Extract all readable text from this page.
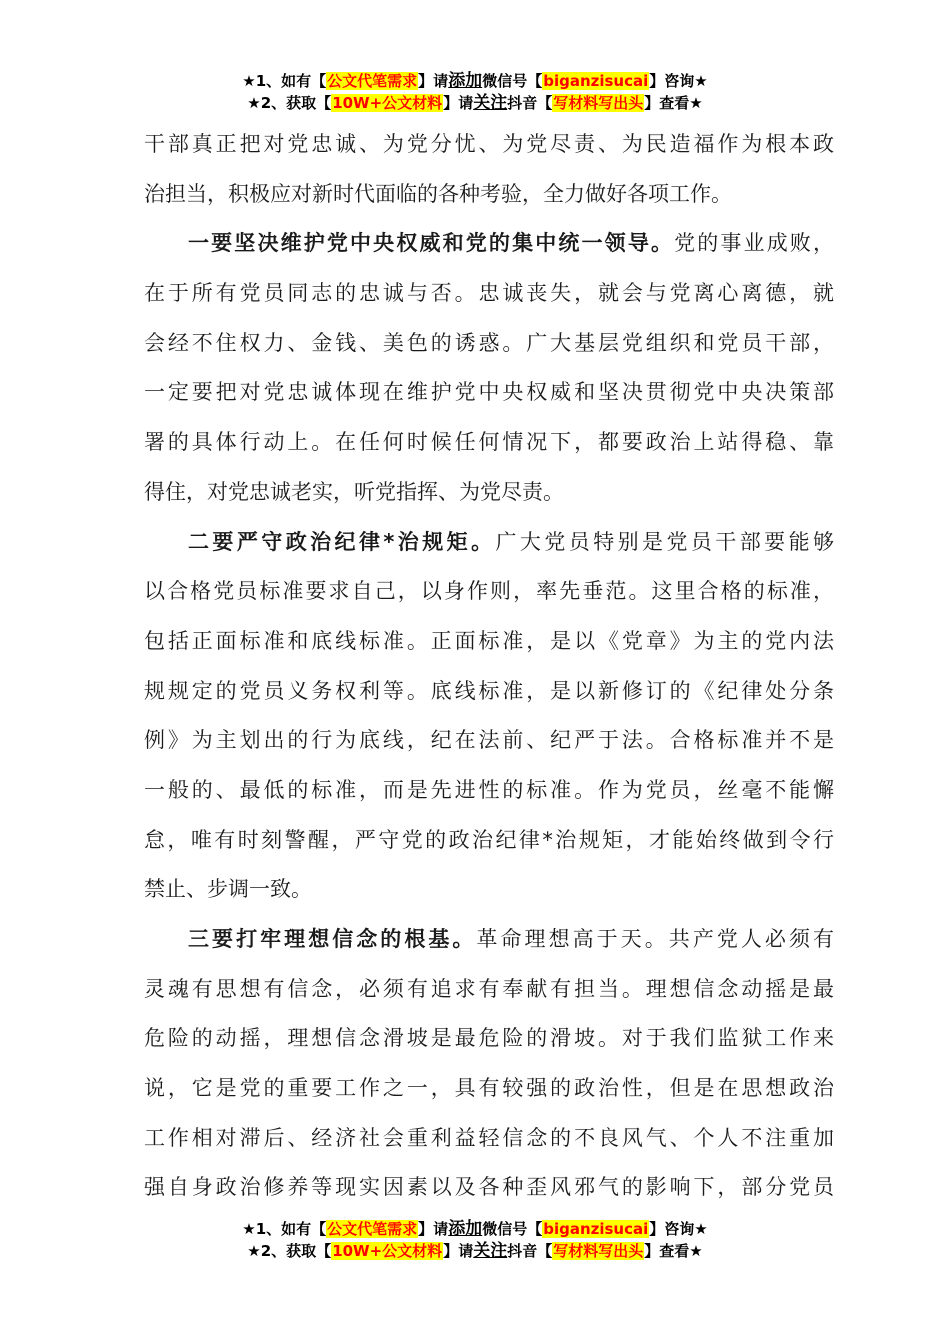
★1、如有【公文代笔需求】请添加微信号【biganzisucai】咨询★
★2、获取【10W+公文材料】请关注抖音【写材料写出头】查看★
干部真正把对党忠诚、为党分忧、为党尽责、为民造福作为根本政
治担当，积极应对新时代面临的各种考验，全力做好各项工作。
一要坚决维护党中央权威和党的集中统一领导。党的事业成败，
在于所有党员同志的忠诚与否。忠诚丧失，就会与党离心离德，就
会经不住权力、金钱、美色的诱惑。广大基层党组织和党员干部，
一定要把对党忠诚体现在维护党中央权威和坚决贯彻党中央决策部
署的具体行动上。在任何时候任何情况下，都要政治上站得稳、靠
得住，对党忠诚老实，听党指挥、为党尽责。
二要严守政治纪律*治规矩。广大党员特别是党员干部要能够
以合格党员标准要求自己，以身作则，率先垂范。这里合格的标准，
包括正面标准和底线标准。正面标准，是以《党章》为主的党内法
规规定的党员义务权利等。底线标准，是以新修订的《纪律处分条
例》为主划出的行为底线，纪在法前、纪严于法。合格标准并不是
一般的、最低的标准，而是先进性的标准。作为党员，丝毫不能懈
怠，唯有时刻警醒，严守党的政治纪律*治规矩，才能始终做到令行
禁止、步调一致。
三要打牢理想信念的根基。革命理想高于天。共产党人必须有
灵魂有思想有信念，必须有追求有奉献有担当。理想信念动摇是最
危险的动摇，理想信念滑坡是最危险的滑坡。对于我们监狱工作来
说，它是党的重要工作之一，具有较强的政治性，但是在思想政治
工作相对滞后、经济社会重利益轻信念的不良风气、个人不注重加
强自身政治修养等现实因素以及各种歪风邪气的影响下，部分党员
★1、如有【公文代笔需求】请添加微信号【biganzisucai】咨询★
★2、获取【10W+公文材料】请关注抖音【写材料写出头】查看★
